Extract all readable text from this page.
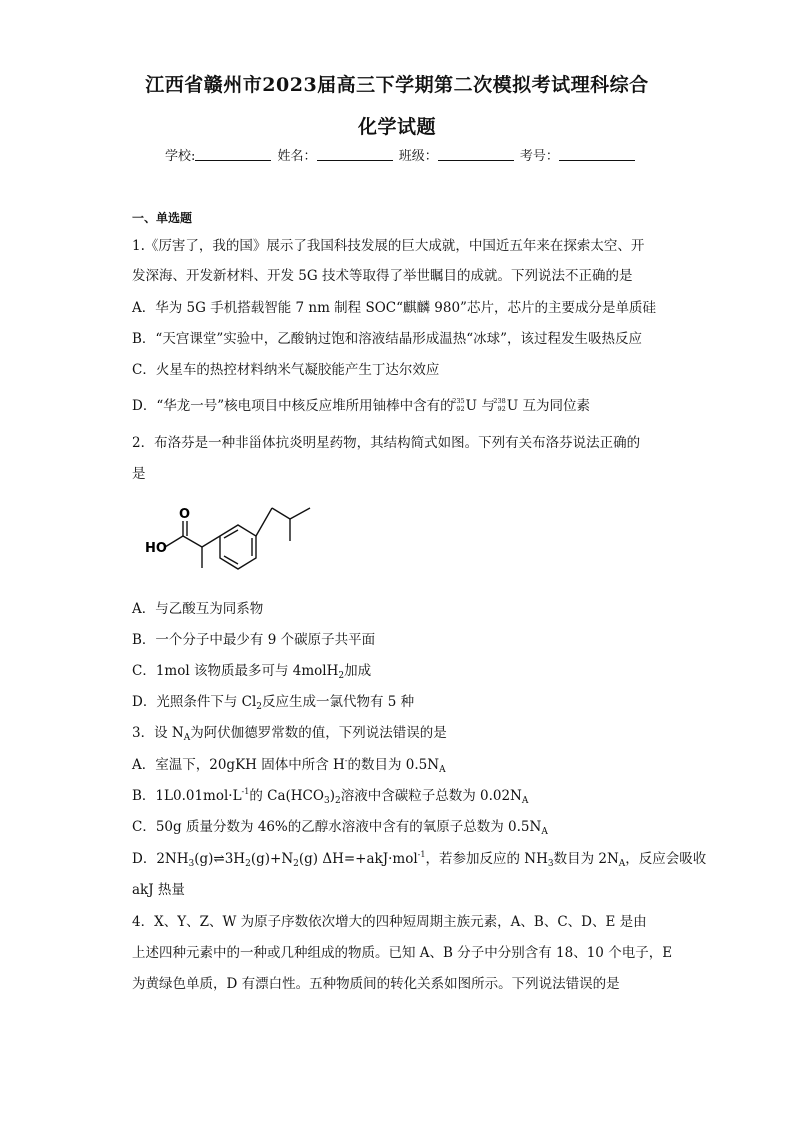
江西省赣州市2023届高三下学期第二次模拟考试理科综合
化学试题
学校:	姓名：	班级：	考号：
一、单选题
1.《厉害了，我的国》展示了我国科技发展的巨大成就，中国近五年来在探索太空、开
发深海、开发新材料、开发 5G 技术等取得了举世瞩目的成就。下列说法不正确的是
A．华为 5G 手机搭载智能 7 nm 制程 SOC“麒麟 980”芯片，芯片的主要成分是单质硅
B．“天宫课堂”实验中，乙酸钠过饱和溶液结晶形成温热“冰球”，该过程发生吸热反应
C．火星车的热控材料纳米气凝胶能产生丁达尔效应
D．“华龙一号”核电项目中核反应堆所用铀棒中含有的
235
92 U 与
238
92 U 互为同位素
2．布洛芬是一种非甾体抗炎明星药物，其结构简式如图。下列有关布洛芬说法正确的
是
HO
O
A．与乙酸互为同系物
B．一个分子中最少有 9 个碳原子共平面
C．1mol 该物质最多可与 4molH$_2$加成
D．光照条件下与 $Cl_2$反应生成一氯代物有 5 种
3．设 $N_A$为阿伏伽德罗常数的值，下列说法错误的是
A．室温下，20gKH 固体中所含 H-的数目为 $0.5N_A$
B．$1L0.01mol\cdot L^{-1}$的 $Ca(HCO_3)_2$溶液中含碳粒子总数为 $0.02N_A$
C．50g 质量分数为 46%的乙醇水溶液中含有的氧原子总数为 $0.5N_A$
D．$2NH_3(g)\rightleftharpoons 3H_2(g)+N_2(g)$ ΔH=+akJ·mol$^{-1}$，若参加反应的 $NH_3$数目为 $2N_A$，反应会吸收
akJ 热量
4．X、Y、Z、W 为原子序数依次增大的四种短周期主族元素，A、B、C、D、E 是由
上述四种元素中的一种或几种组成的物质。已知 A、B 分子中分别含有 18、10 个电子，E
为黄绿色单质，D 有漂白性。五种物质间的转化关系如图所示。下列说法错误的是
